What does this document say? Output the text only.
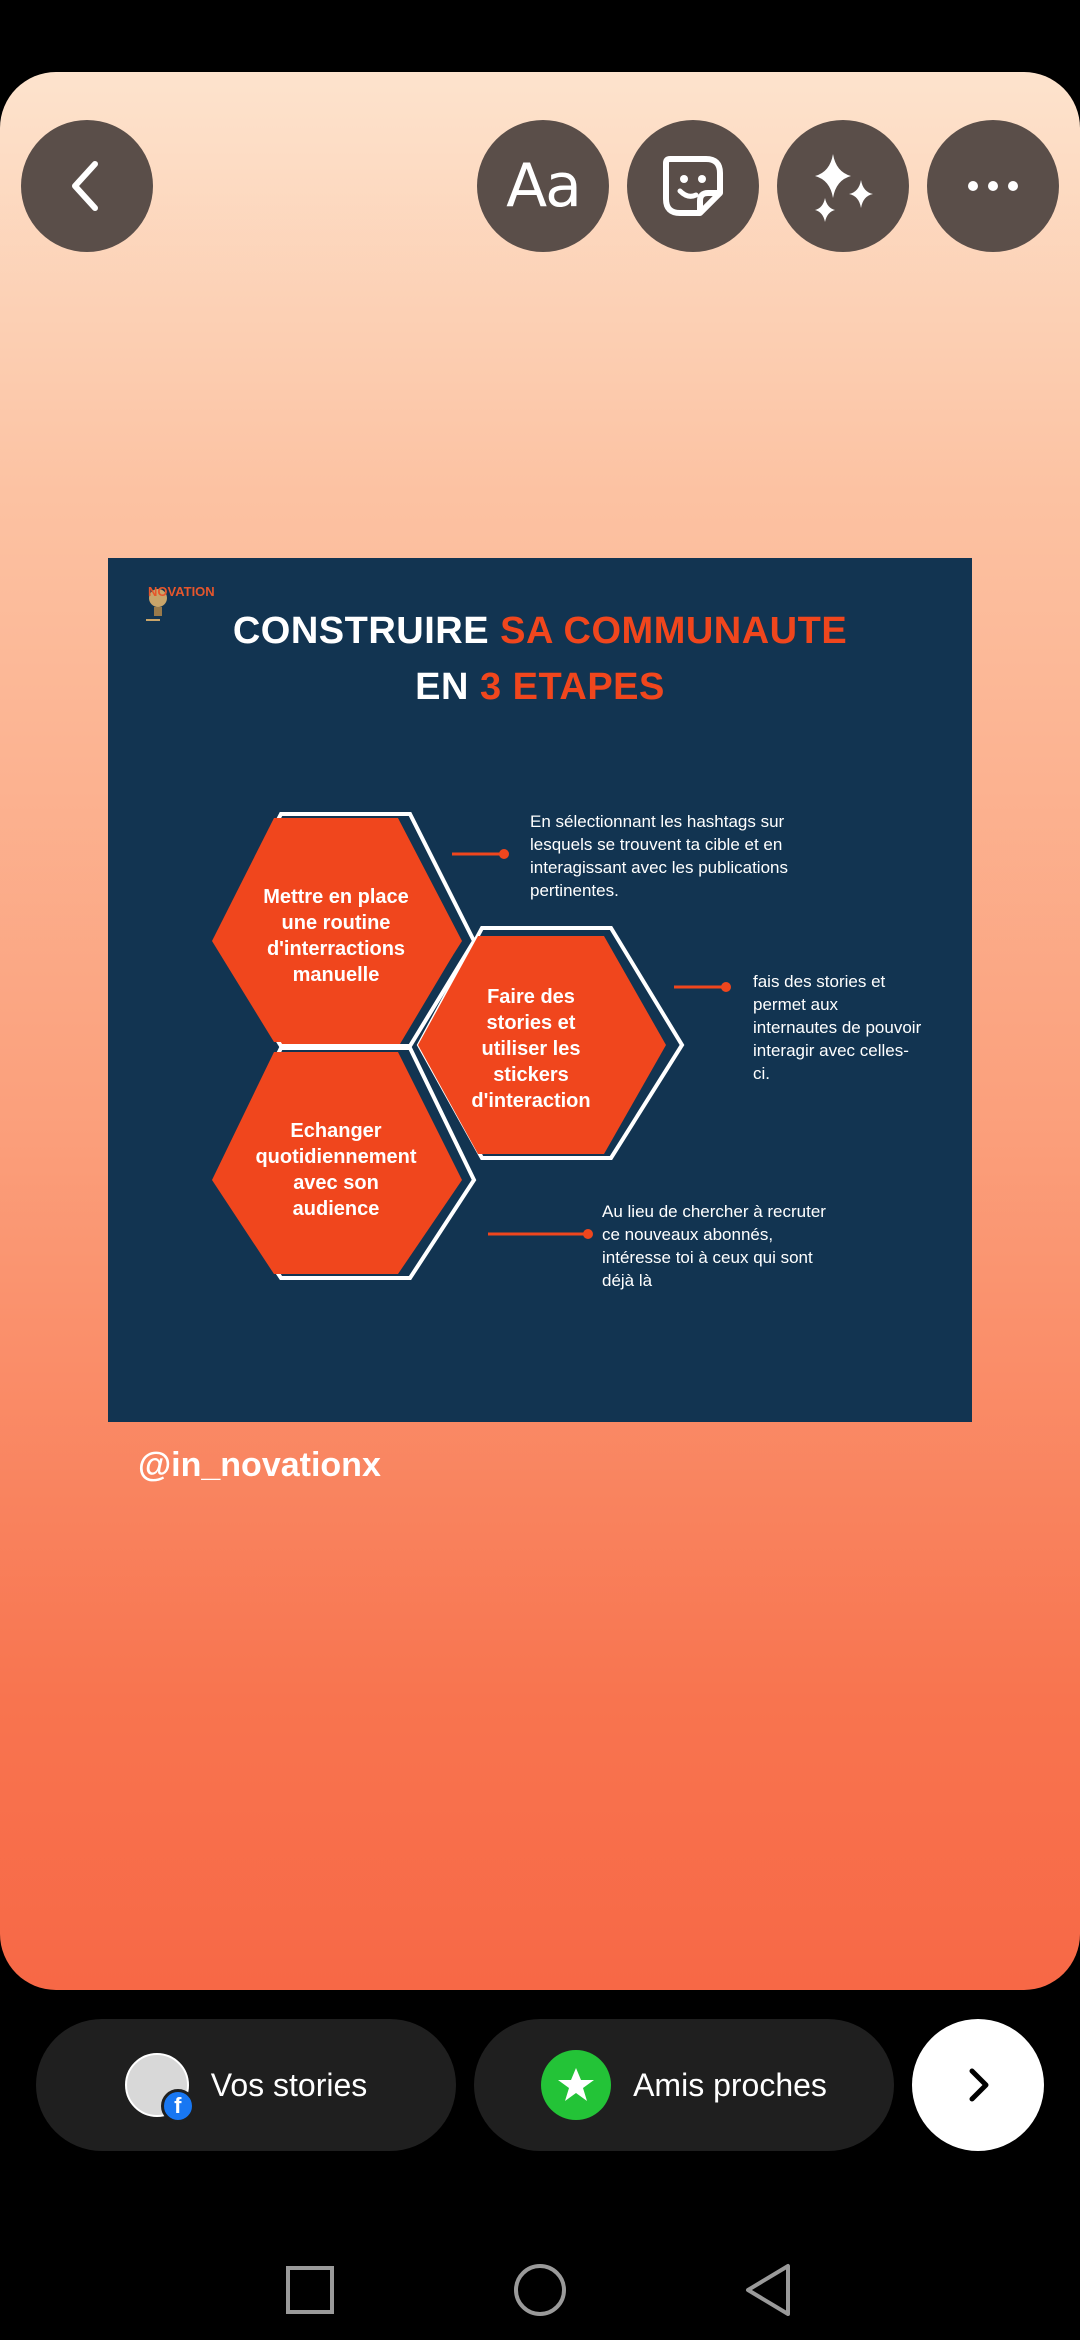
Aa
NOVATION
CONSTRUIRE SA COMMUNAUTE
EN 3 ETAPES
Mettre en place une routine d'interractions manuelle
Faire des stories et utiliser les stickers d'interaction
Echanger quotidiennement avec son audience
En sélectionnant les hashtags sur lesquels se trouvent ta cible et en interagissant avec les publications pertinentes.
fais des stories et permet aux internautes de pouvoir interagir avec celles-ci.
Au lieu de chercher à recruter ce nouveaux abonnés, intéresse toi à ceux qui sont déjà là
@in_novationx
f
Vos stories	Amis proches
